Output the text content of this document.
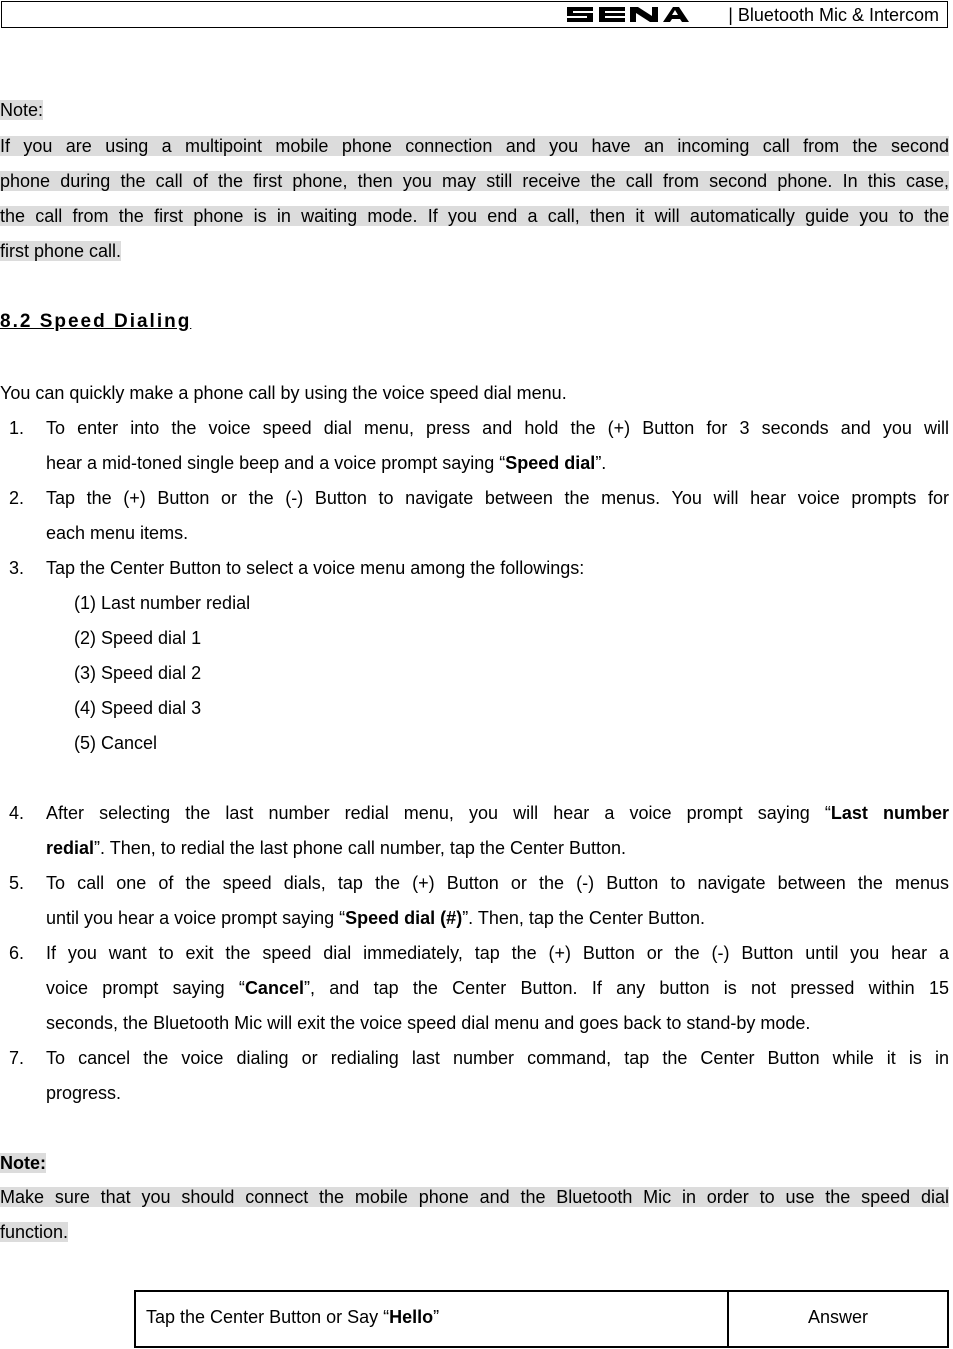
| Bluetooth Mic & Intercom
Note:
If you are using a multipoint mobile phone connection and you have an incoming call from the second
phone during the call of the first phone, then you may still receive the call from second phone. In this case,
the call from the first phone is in waiting mode. If you end a call, then it will automatically guide you to the
first phone call.
8.2 Speed Dialing
You can quickly make a phone call by using the voice speed dial menu.
1. To enter into the voice speed dial menu, press and hold the (+) Button for 3 seconds and you will
hear a mid-toned single beep and a voice prompt saying “Speed dial”.
2. Tap the (+) Button or the (-) Button to navigate between the menus. You will hear voice prompts for
each menu items.
3. Tap the Center Button to select a voice menu among the followings:
(1) Last number redial
(2) Speed dial 1
(3) Speed dial 2
(4) Speed dial 3
(5) Cancel
4. After selecting the last number redial menu, you will hear a voice prompt saying “Last number
redial”. Then, to redial the last phone call number, tap the Center Button.
5. To call one of the speed dials, tap the (+) Button or the (-) Button to navigate between the menus
until you hear a voice prompt saying “Speed dial (#)”. Then, tap the Center Button.
6. If you want to exit the speed dial immediately, tap the (+) Button or the (-) Button until you hear a
voice prompt saying “Cancel”, and tap the Center Button. If any button is not pressed within 15
seconds, the Bluetooth Mic will exit the voice speed dial menu and goes back to stand-by mode.
7. To cancel the voice dialing or redialing last number command, tap the Center Button while it is in
progress.
Note:
Make sure that you should connect the mobile phone and the Bluetooth Mic in order to use the speed dial
function.
Tap the Center Button or Say “Hello”	Answer
